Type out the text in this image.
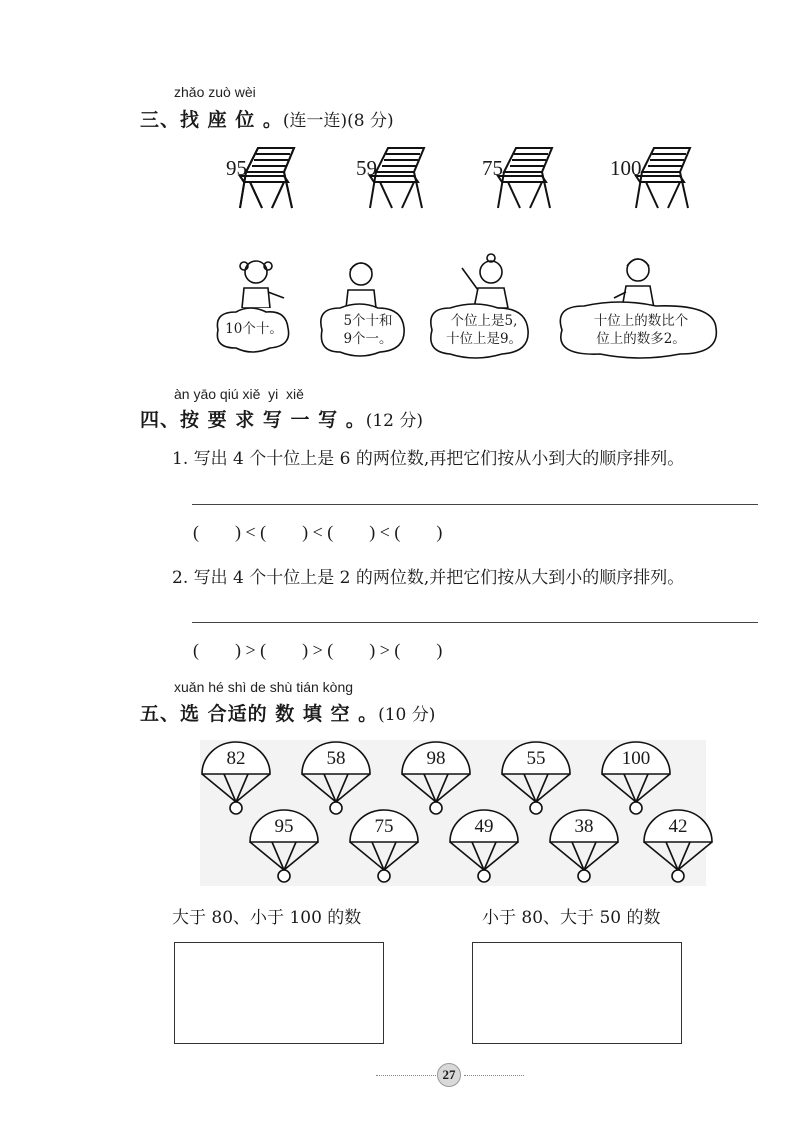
zhǎo zuò wèi
三、找 座 位 。(连一连)(8 分)
95	59	75	100
10个十。	5个十和
9个一。
个位上是5,
十位上是9。
十位上的数比个
位上的数多2。
àn yāo qiú xiě  yi  xiě
四、按 要 求 写 一 写 。(12 分)
1. 写出 4 个十位上是 6 的两位数,再把它们按从小到大的顺序排列。
(        ) < (        ) < (        ) < (        )
2. 写出 4 个十位上是 2 的两位数,并把它们按从大到小的顺序排列。
(        ) > (        ) > (        ) > (        )
xuǎn hé shì de shù tián kòng
五、选 合适的 数 填 空 。(10 分)
82	58	98	55	100
95	75	49	38	42
大于 80、小于 100 的数	小于 80、大于 50 的数
27
